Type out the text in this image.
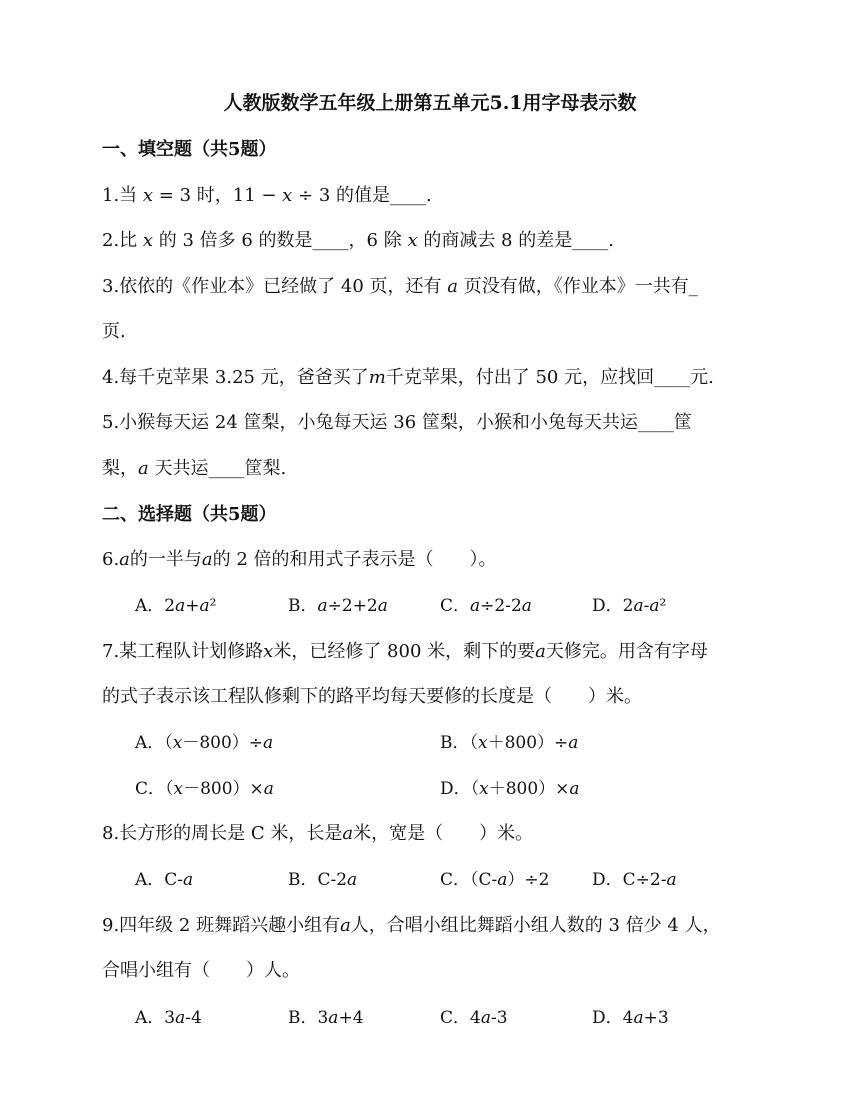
人教版数学五年级上册第五单元5.1用字母表示数
一、填空题（共5题）
1.当 𝑥 = 3 时，11 − 𝑥 ÷ 3 的值是____.
2.比 𝑥 的 3 倍多 6 的数是____，6 除 𝑥 的商减去 8 的差是____.
3.依依的《作业本》已经做了 40 页，还有 𝑎 页没有做，《作业本》一共有_
页.
4.每千克苹果 3.25 元，爸爸买了𝑚千克苹果，付出了 50 元，应找回____元.
5.小猴每天运 24 筐梨，小兔每天运 36 筐梨，小猴和小兔每天共运____筐
梨，𝑎 天共运____筐梨.
二、选择题（共5题）
6.𝑎的一半与𝑎的 2 倍的和用式子表示是（　　）。
A．2𝑎+𝑎²	B．𝑎÷2+2𝑎	C．𝑎÷2-2𝑎	D．2𝑎-𝑎²
7.某工程队计划修路𝑥米，已经修了 800 米，剩下的要𝑎天修完。用含有字母
的式子表示该工程队修剩下的路平均每天要修的长度是（　　）米。
A．（𝑥－800）÷𝑎	B．（𝑥＋800）÷𝑎
C．（𝑥－800）×𝑎	D．（𝑥＋800）×𝑎
8.长方形的周长是 C 米，长是𝑎米，宽是（　　）米。
A．C-𝑎	B．C-2𝑎	C．（C-𝑎）÷2	D．C÷2-𝑎
9.四年级 2 班舞蹈兴趣小组有𝑎人，合唱小组比舞蹈小组人数的 3 倍少 4 人，
合唱小组有（　　）人。
A．3𝑎-4	B．3𝑎+4	C．4𝑎-3	D．4𝑎+3
